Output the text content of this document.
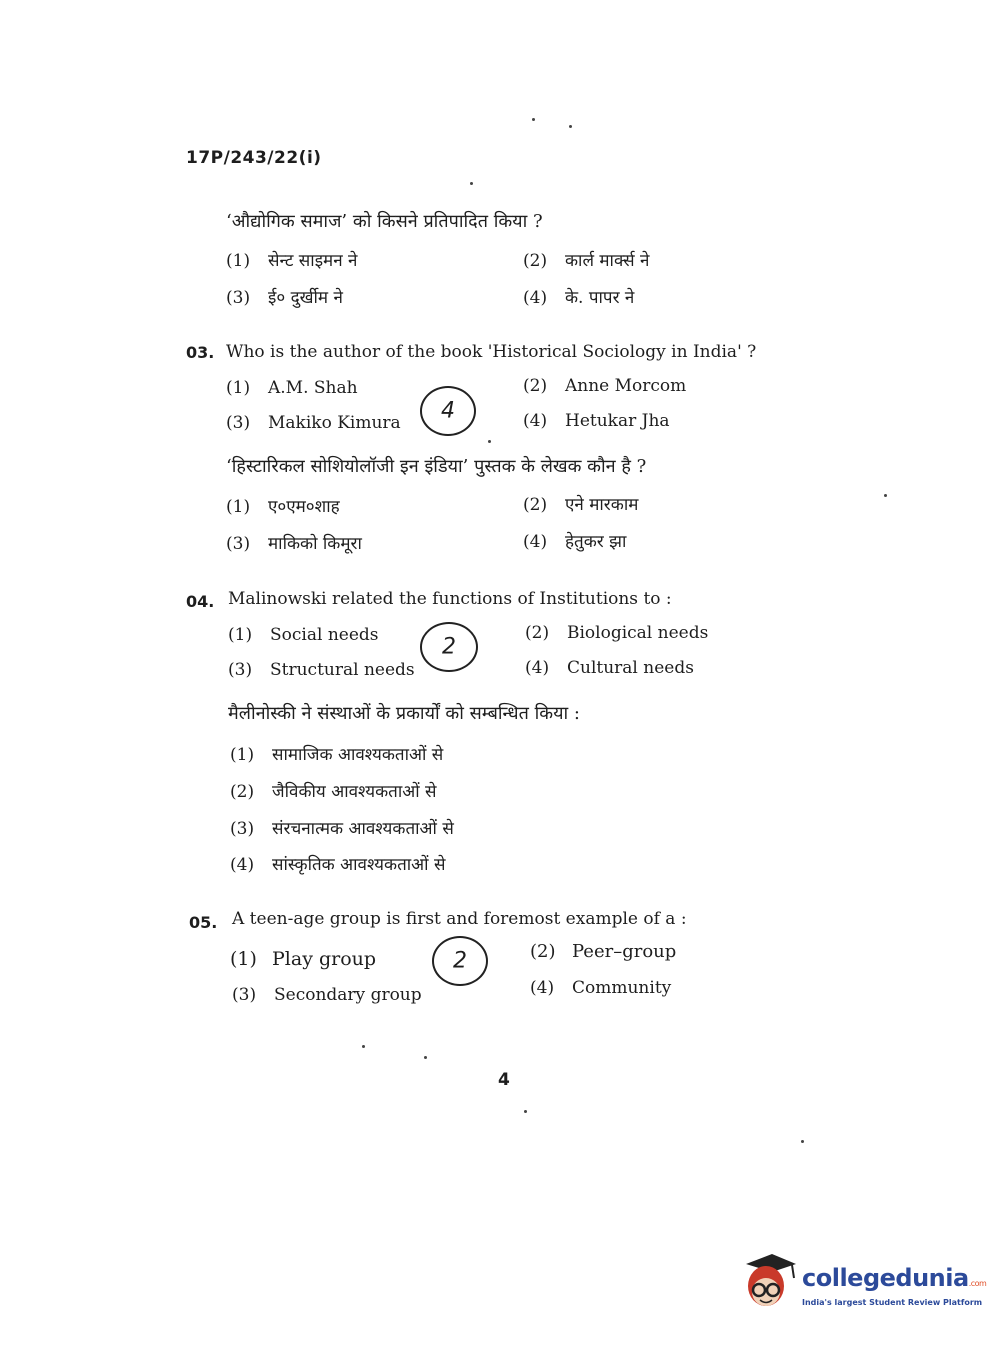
17P/243/22(i)
‘औद्योगिक समाज’ को किसने प्रतिपादित किया ?
(1) सेन्ट साइमन ने	(2) कार्ल मार्क्स ने
(3) ई० दुर्खीम ने	(4) के. पापर ने
03. Who is the author of the book 'Historical Sociology in India' ?
(1) A.M. Shah	(2) Anne Morcom
(3) Makiko Kimura	(4) Hetukar Jha
4
‘हिस्टारिकल सोशियोलॉजी इन इंडिया’ पुस्तक के लेखक कौन है ?
(1) ए०एम०शाह	(2) एने मारकाम
(3) माकिको किमूरा	(4) हेतुकर झा
04. Malinowski related the functions of Institutions to :
(1) Social needs	(2) Biological needs
(3) Structural needs	(4) Cultural needs
2
मैलीनोस्की ने संस्थाओं के प्रकार्यों को सम्बन्धित किया :
(1) सामाजिक आवश्यकताओं से
(2) जैविकीय आवश्यकताओं से
(3) संरचनात्मक आवश्यकताओं से
(4) सांस्कृतिक आवश्यकताओं से
05. A teen-age group is first and foremost example of a :
(1) Play group	(2) Peer–group
(3) Secondary group	(4) Community
2
4
collegedunia.com
India's largest Student Review Platform
